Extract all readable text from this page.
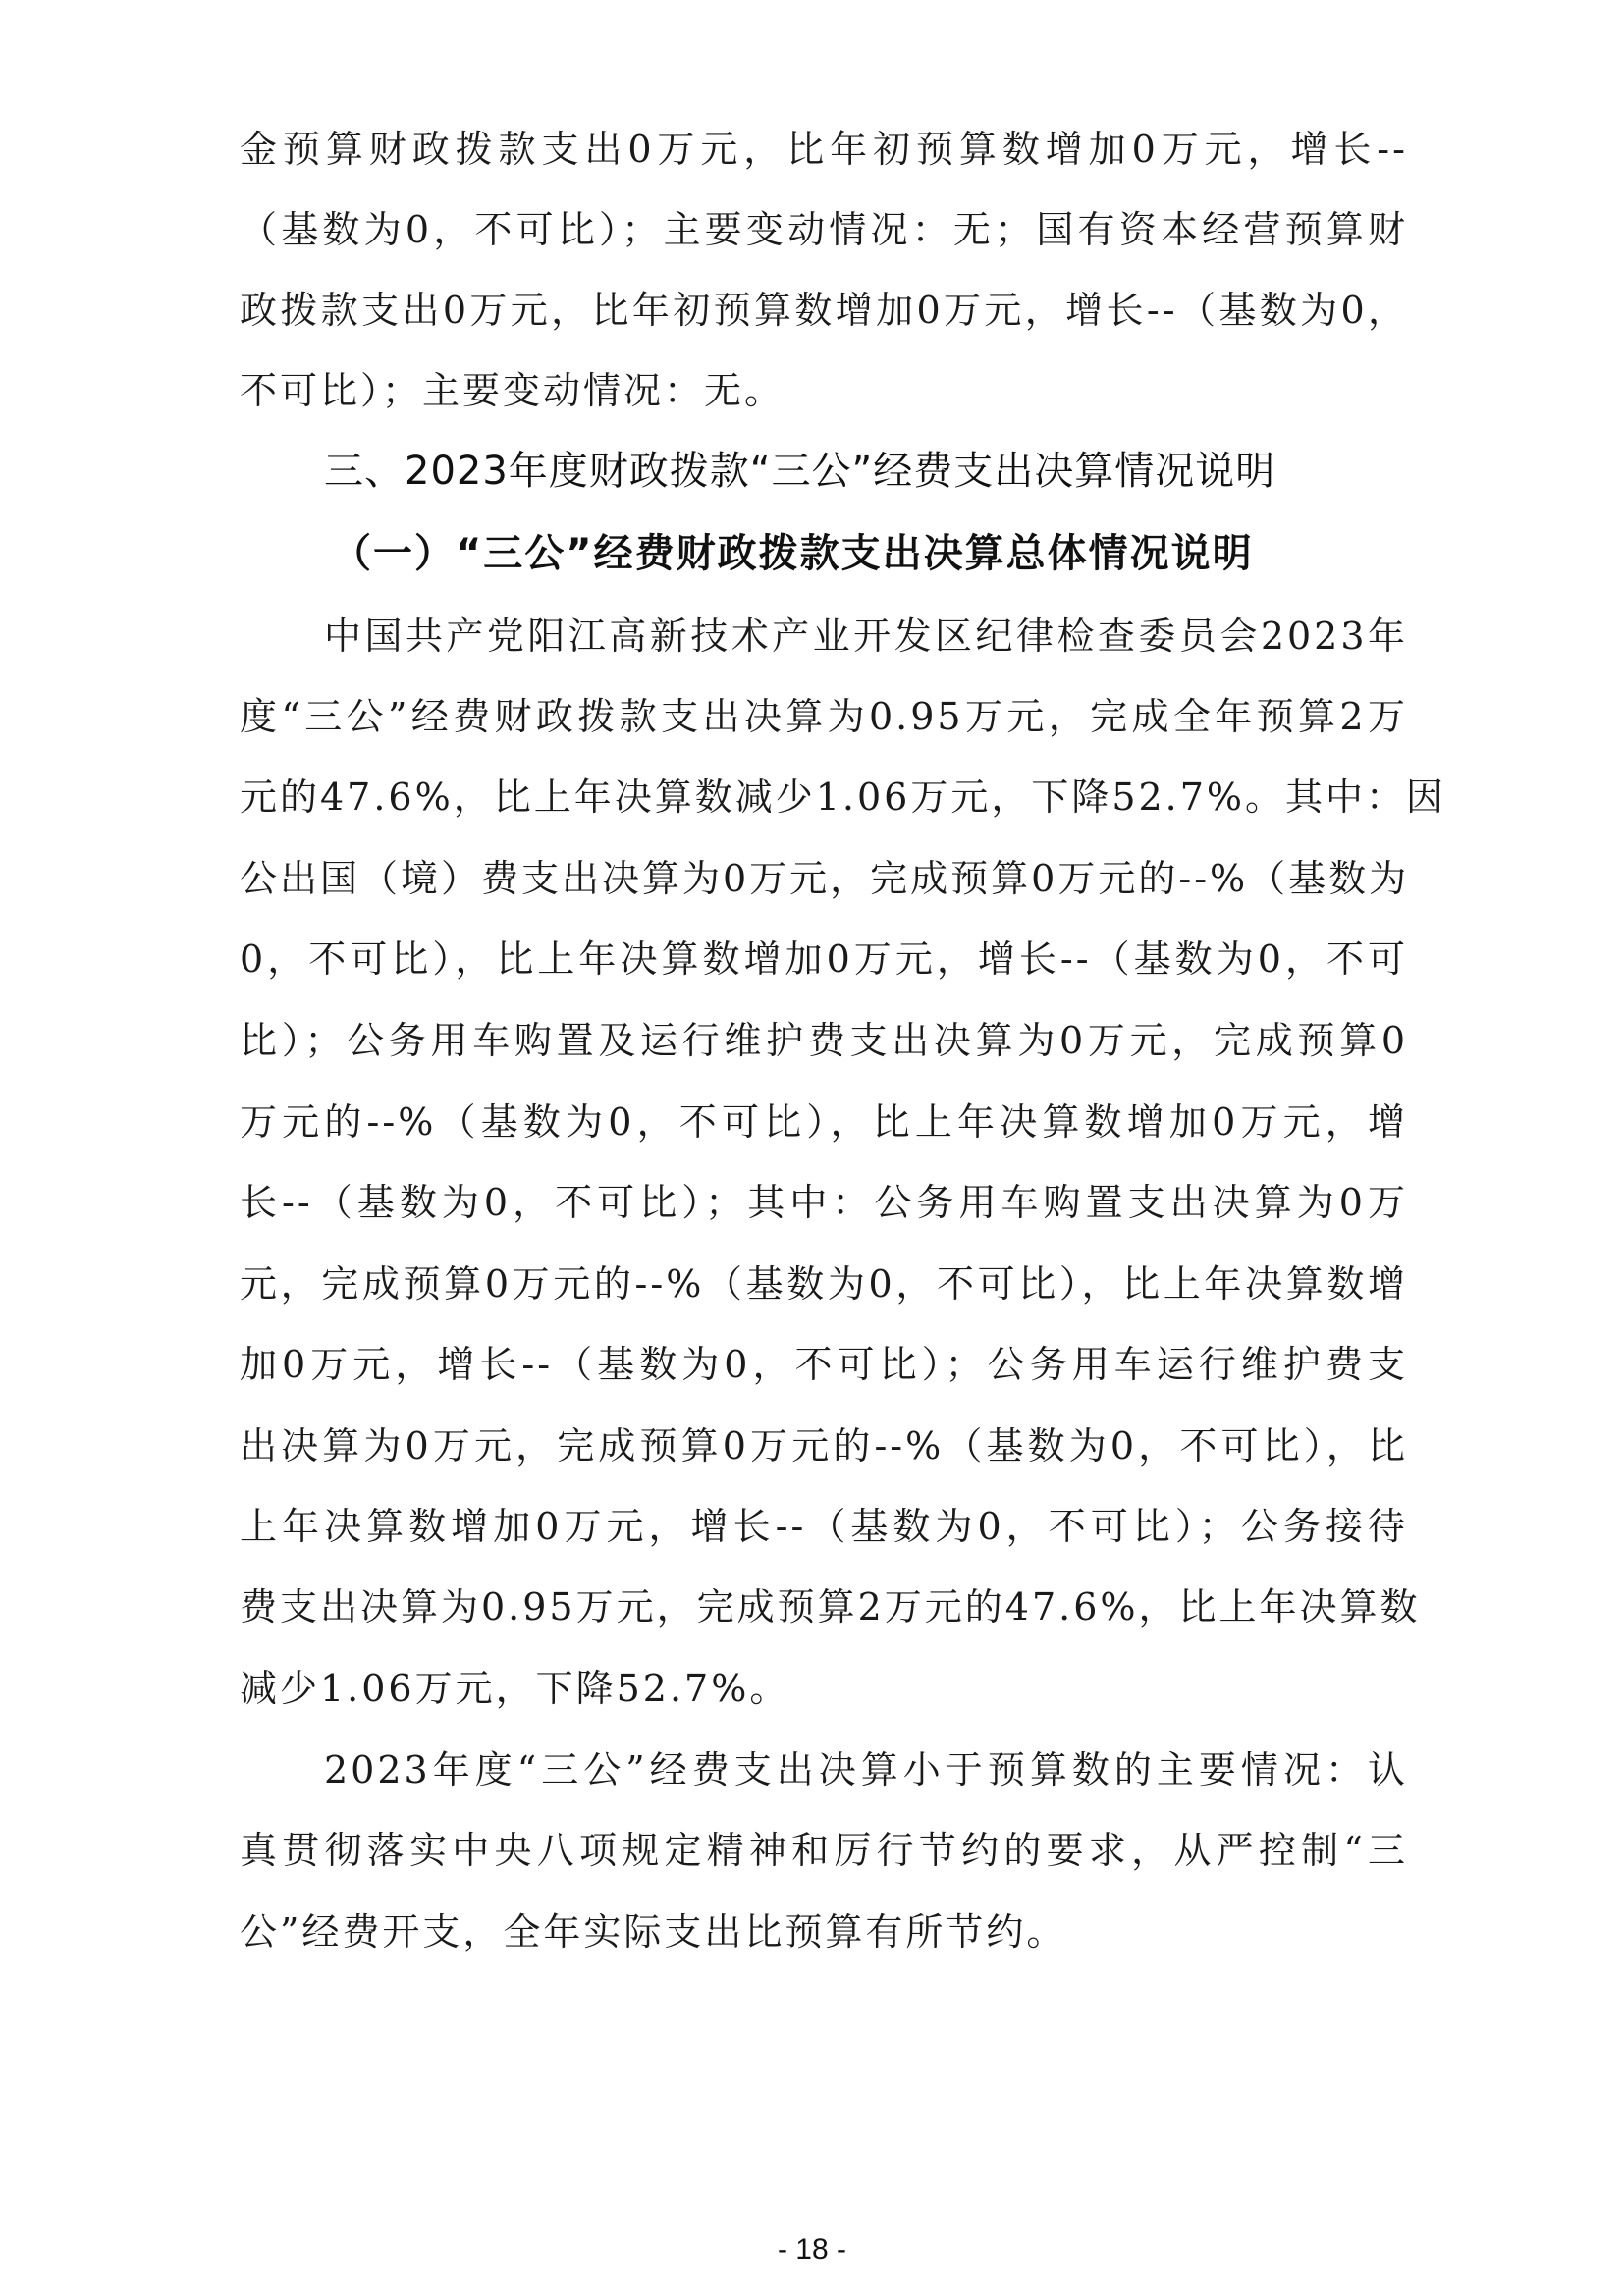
金预算财政拨款支出0万元，比年初预算数增加0万元，增长--
（基数为0，不可比）；主要变动情况：无；国有资本经营预算财
政拨款支出0万元，比年初预算数增加0万元，增长--（基数为0，
不可比）；主要变动情况：无。
三、2023年度财政拨款“三公”经费支出决算情况说明
（一）“三公”经费财政拨款支出决算总体情况说明
中国共产党阳江高新技术产业开发区纪律检查委员会2023年
度“三公”经费财政拨款支出决算为0.95万元，完成全年预算2万
元的47.6%，比上年决算数减少1.06万元，下降52.7%。其中：因
公出国（境）费支出决算为0万元，完成预算0万元的--%（基数为
0，不可比），比上年决算数增加0万元，增长--（基数为0，不可
比）；公务用车购置及运行维护费支出决算为0万元，完成预算0
万元的--%（基数为0，不可比），比上年决算数增加0万元，增
长--（基数为0，不可比）；其中：公务用车购置支出决算为0万
元，完成预算0万元的--%（基数为0，不可比），比上年决算数增
加0万元，增长--（基数为0，不可比）；公务用车运行维护费支
出决算为0万元，完成预算0万元的--%（基数为0，不可比），比
上年决算数增加0万元，增长--（基数为0，不可比）；公务接待
费支出决算为0.95万元，完成预算2万元的47.6%，比上年决算数
减少1.06万元，下降52.7%。
2023年度“三公”经费支出决算小于预算数的主要情况：认
真贯彻落实中央八项规定精神和厉行节约的要求，从严控制“三
公”经费开支，全年实际支出比预算有所节约。
- 18 -
